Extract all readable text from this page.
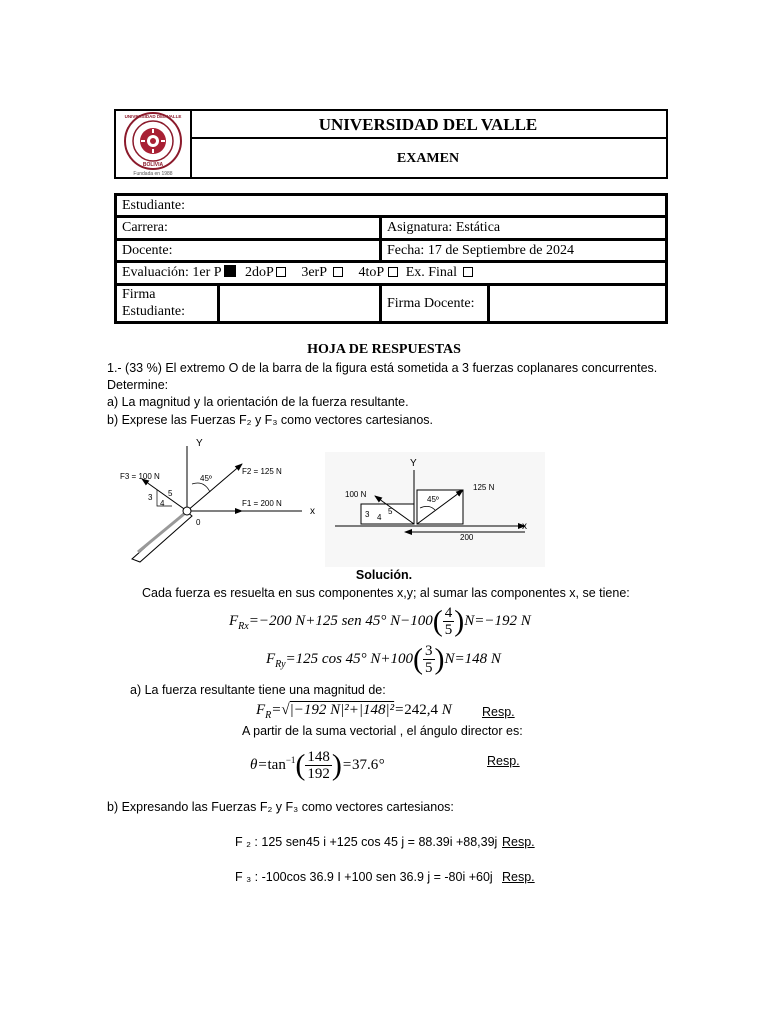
UNIVERSIDAD DEL VALLE
BOLIVIA
Fundada en 1988
UNIVERSIDAD DEL VALLE
EXAMEN
Estudiante:
Carrera:	Asignatura: Estática
Docente:	Fecha: 17 de Septiembre de 2024
Evaluación: 1er P 2doP 3erP 4toP Ex. Final
Firma
Estudiante:
Firma Docente:
HOJA DE RESPUESTAS
1.- (33 %) El extremo O de la barra de la figura está sometida a 3 fuerzas coplanares concurrentes.
Determine:
a) La magnitud y la orientación de la fuerza resultante.
b) Exprese las Fuerzas F₂ y F₃ como vectores cartesianos.
Y
x
F2 = 125 N
45º
F1 = 200 N
F3 = 100 N
3
4
5
0
Y
x
3 4
5
100 N
125 N
45º
200
Solución.
Cada fuerza es resuelta en sus componentes x,y; al sumar las componentes x, se tiene:
$F_{Rx}=-200$ N+125 sen 45° $N-100( \frac{4}{5} )N=-192$ N
$F_{Ry}=125$ cos 45° $N+100( \frac{3}{5} )N=148$ N
a) La fuerza resultante tiene una magnitud de:
$F_R=√|-192$ N|²+|148|²=242,4 N Resp.
A partir de la suma vectorial , el ángulo director es:
$\theta=\tan^{-1}( \frac{148}{192} )=37.6^\circ$	Resp.
b) Expresando las Fuerzas F₂ y F₃ como vectores cartesianos:
F ₂ : 125 sen45 i +125 cos 45 j = 88.39i +88,39j Resp.
F ₃ : -100cos 36.9 I +100 sen 36.9 j = -80i +60j Resp.
